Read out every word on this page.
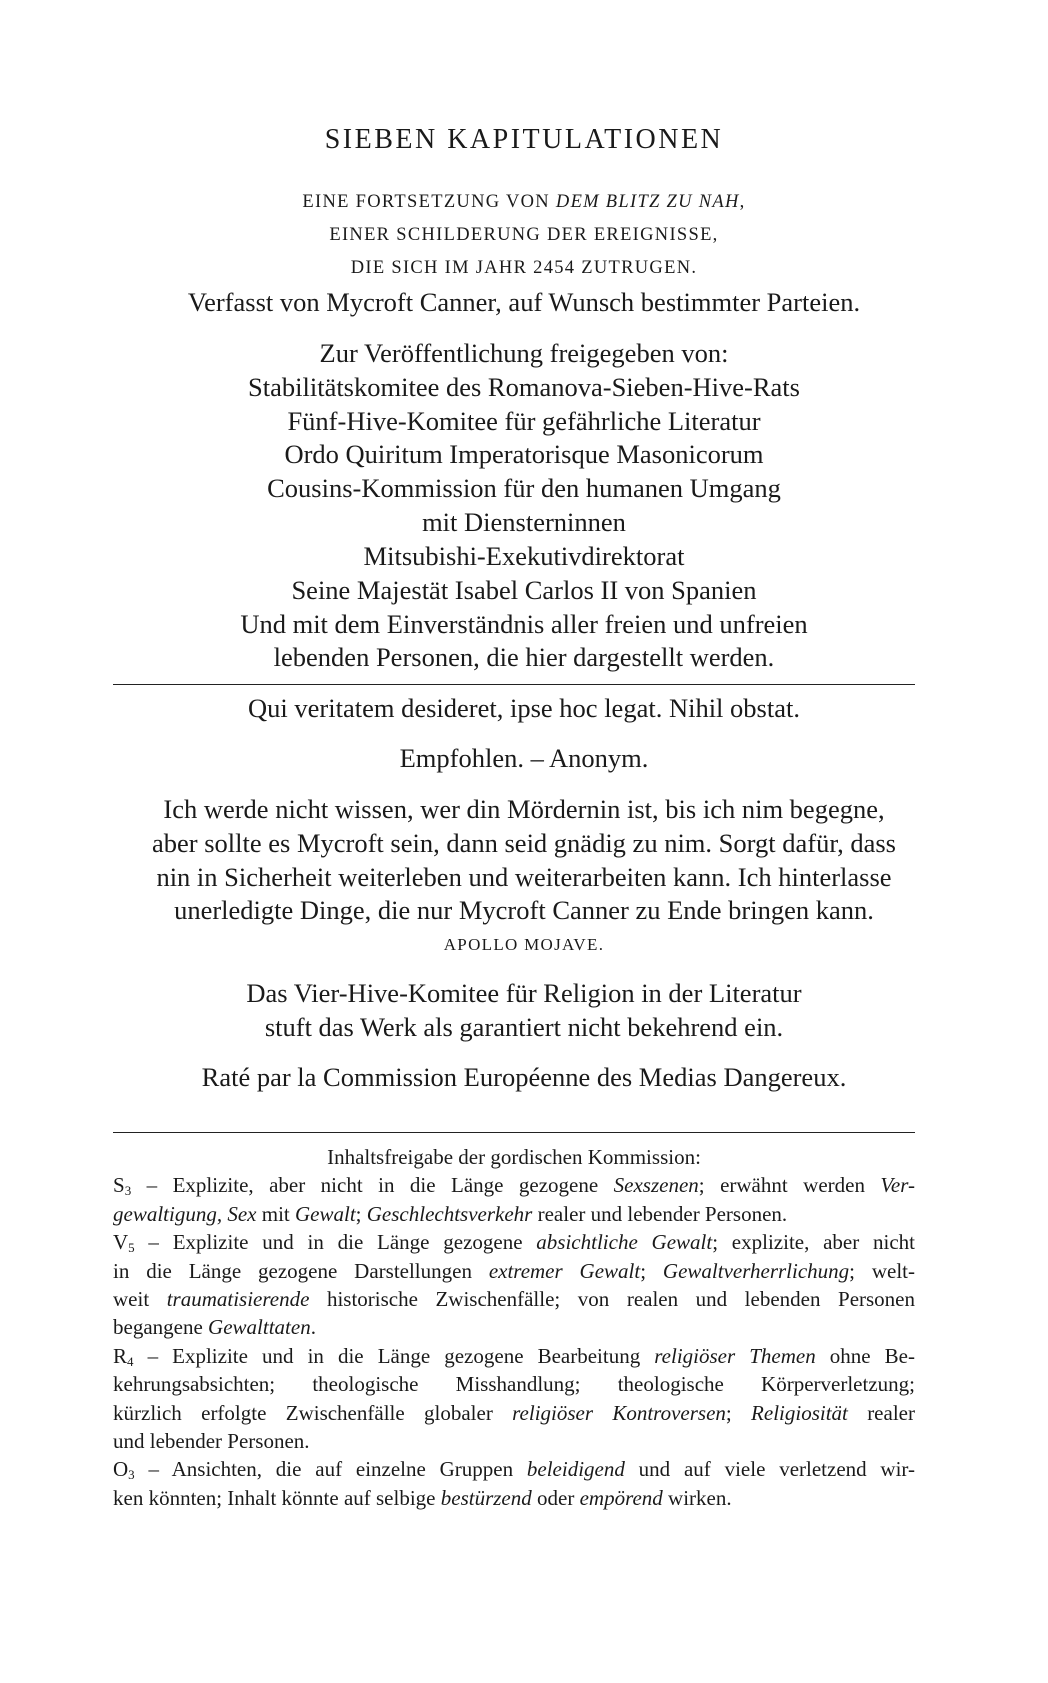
SIEBEN KAPITULATIONEN
EINE FORTSETZUNG VON DEM BLITZ ZU NAH,
EINER SCHILDERUNG DER EREIGNISSE,
DIE SICH IM JAHR 2454 ZUTRUGEN.
Verfasst von Mycroft Canner, auf Wunsch bestimmter Parteien.
Zur Veröffentlichung freigegeben von:
Stabilitätskomitee des Romanova-Sieben-Hive-Rats
Fünf-Hive-Komitee für gefährliche Literatur
Ordo Quiritum Imperatorisque Masonicorum
Cousins-Kommission für den humanen Umgang
mit Diensterninnen
Mitsubishi-Exekutivdirektorat
Seine Majestät Isabel Carlos II von Spanien
Und mit dem Einverständnis aller freien und unfreien
lebenden Personen, die hier dargestellt werden.
Qui veritatem desideret, ipse hoc legat. Nihil obstat.
Empfohlen. – Anonym.
Ich werde nicht wissen, wer din Mördernin ist, bis ich nim begegne,
aber sollte es Mycroft sein, dann seid gnädig zu nim. Sorgt dafür, dass
nin in Sicherheit weiterleben und weiterarbeiten kann. Ich hinterlasse
unerledigte Dinge, die nur Mycroft Canner zu Ende bringen kann.
APOLLO MOJAVE.
Das Vier-Hive-Komitee für Religion in der Literatur
stuft das Werk als garantiert nicht bekehrend ein.
Raté par la Commission Européenne des Medias Dangereux.
Inhaltsfreigabe der gordischen Kommission:
$S_3$ – Explizite, aber nicht in die Länge gezogene Sexszenen; erwähnt werden Ver-
gewaltigung, Sex mit Gewalt; Geschlechtsverkehr realer und lebender Personen.
$V_5$ – Explizite und in die Länge gezogene absichtliche Gewalt; explizite, aber nicht
in die Länge gezogene Darstellungen extremer Gewalt; Gewaltverherrlichung; welt-
weit traumatisierende historische Zwischenfälle; von realen und lebenden Personen
begangene Gewalttaten.
$R_4$ – Explizite und in die Länge gezogene Bearbeitung religiöser Themen ohne Be-
kehrungsabsichten; theologische Misshandlung; theologische Körperverletzung;
kürzlich erfolgte Zwischenfälle globaler religiöser Kontroversen; Religiosität realer
und lebender Personen.
$O_3$ – Ansichten, die auf einzelne Gruppen beleidigend und auf viele verletzend wir-
ken könnten; Inhalt könnte auf selbige bestürzend oder empörend wirken.
